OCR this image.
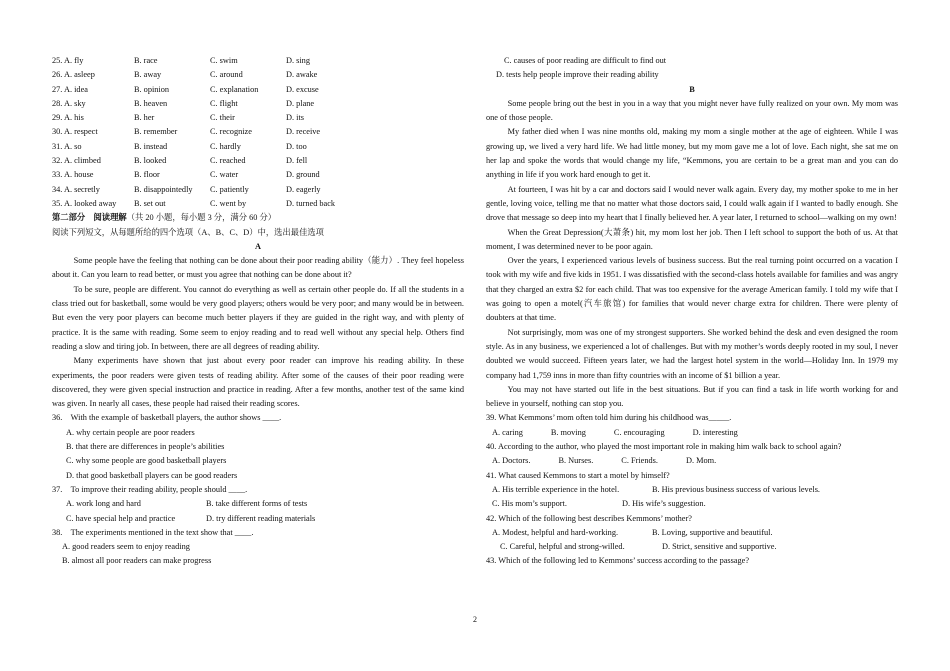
25. A. fly	B. race	C. swim	D. sing
26. A. asleep	B. away	C. around	D. awake
27. A. idea	B. opinion	C. explanation	D. excuse
28. A. sky	B. heaven	C. flight	D. plane
29. A. his	B. her	C. their	D. its
30. A. respect	B. remember	C. recognize	D. receive
31. A. so	B. instead	C. hardly	D. too
32. A. climbed	B. looked	C. reached	D. fell
33. A. house	B. floor	C. water	D. ground
34. A. secretly	B. disappointedly	C. patiently	D. eagerly
35. A. looked away	B. set out	C. went by	D. turned back
第二部分　阅读理解（共 20 小题，每小题 3 分，满分 60 分）
阅读下列短文，从每题所给的四个选项（A、B、C、D）中，选出最佳选项
A

Some people have the feeling that nothing can be done about their poor reading ability（能力）. They feel hopeless about it. Can you learn to read better, or must you agree that nothing can be done about it?

To be sure, people are different. You cannot do everything as well as certain other people do. If all the students in a class tried out for basketball, some would be very good players; others would be very poor; and many would be in between. But even the very poor players can become much better players if they are guided in the right way, and with plenty of practice. It is the same with reading. Some seem to enjoy reading and to read well without any special help. Others find reading a slow and tiring job. In between, there are all degrees of reading ability.

Many experiments have shown that just about every poor reader can improve his reading ability. In these experiments, the poor readers were given tests of reading ability. After some of the causes of their poor reading were discovered, they were given special instruction and practice in reading. After a few months, another test of the same kind was given. In nearly all cases, these people had raised their reading scores.

36.　With the example of basketball players, the author shows ____.
A. why certain people are poor readers
B. that there are differences in people’s abilities
C. why some people are good basketball players
D. that good basketball players can be good readers
37.　To improve their reading ability, people should ____.
A. work long and hard	B. take different forms of tests
C. have special help and practice	D. try different reading materials
38.　The experiments mentioned in the text show that ____.
A. good readers seem to enjoy reading
B. almost all poor readers can make progress
C. causes of poor reading are difficult to find out
D. tests help people improve their reading ability
B

Some people bring out the best in you in a way that you might never have fully realized on your own. My mom was one of those people.

My father died when I was nine months old, making my mom a single mother at the age of eighteen. While I was growing up, we lived a very hard life. We had little money, but my mom gave me a lot of love. Each night, she sat me on her lap and spoke the words that would change my life, “Kemmons, you are certain to be a great man and you can do anything in life if you work hard enough to get it.

At fourteen, I was hit by a car and doctors said I would never walk again. Every day, my mother spoke to me in her gentle, loving voice, telling me that no matter what those doctors said, I could walk again if I wanted to badly enough. She drove that message so deep into my heart that I finally believed her. A year later, I returned to school—walking on my own!

When the Great Depression(大萧条) hit, my mom lost her job. Then I left school to support the both of us. At that moment, I was determined never to be poor again.

Over the years, I experienced various levels of business success. But the real turning point occurred on a vacation I took with my wife and five kids in 1951. I was dissatisfied with the second-class hotels available for families and was angry that they charged an extra $2 for each child. That was too expensive for the average American family. I told my wife that I was going to open a motel(汽车旅馆) for families that would never charge extra for children. There were plenty of doubters at that time.

Not surprisingly, mom was one of my strongest supporters. She worked behind the desk and even designed the room style. As in any business, we experienced a lot of challenges. But with my mother’s words deeply rooted in my soul, I never doubted we would succeed. Fifteen years later, we had the largest hotel system in the world—Holiday Inn. In 1979 my company had 1,759 inns in more than fifty countries with an income of $1 billion a year.

You may not have started out life in the best situations. But if you can find a task in life worth working for and believe in yourself, nothing can stop you.

39. What Kemmons’ mom often told him during his childhood was_____.
A. caring	B. moving	C. encouraging	D. interesting
40. According to the author, who played the most important role in making him walk back to school again?
A. Doctors.	B. Nurses.	C. Friends.	D. Mom.
41. What caused Kemmons to start a motel by himself?
A. His terrible experience in the hotel.	B. His previous business success of various levels.
C. His mom’s support.	D. His wife’s suggestion.
42. Which of the following best describes Kemmons’ mother?
A. Modest, helpful and hard-working.	B. Loving, supportive and beautiful.
C. Careful, helpful and strong-willed.	D. Strict, sensitive and supportive.
43. Which of the following led to Kemmons’ success according to the passage?
2
